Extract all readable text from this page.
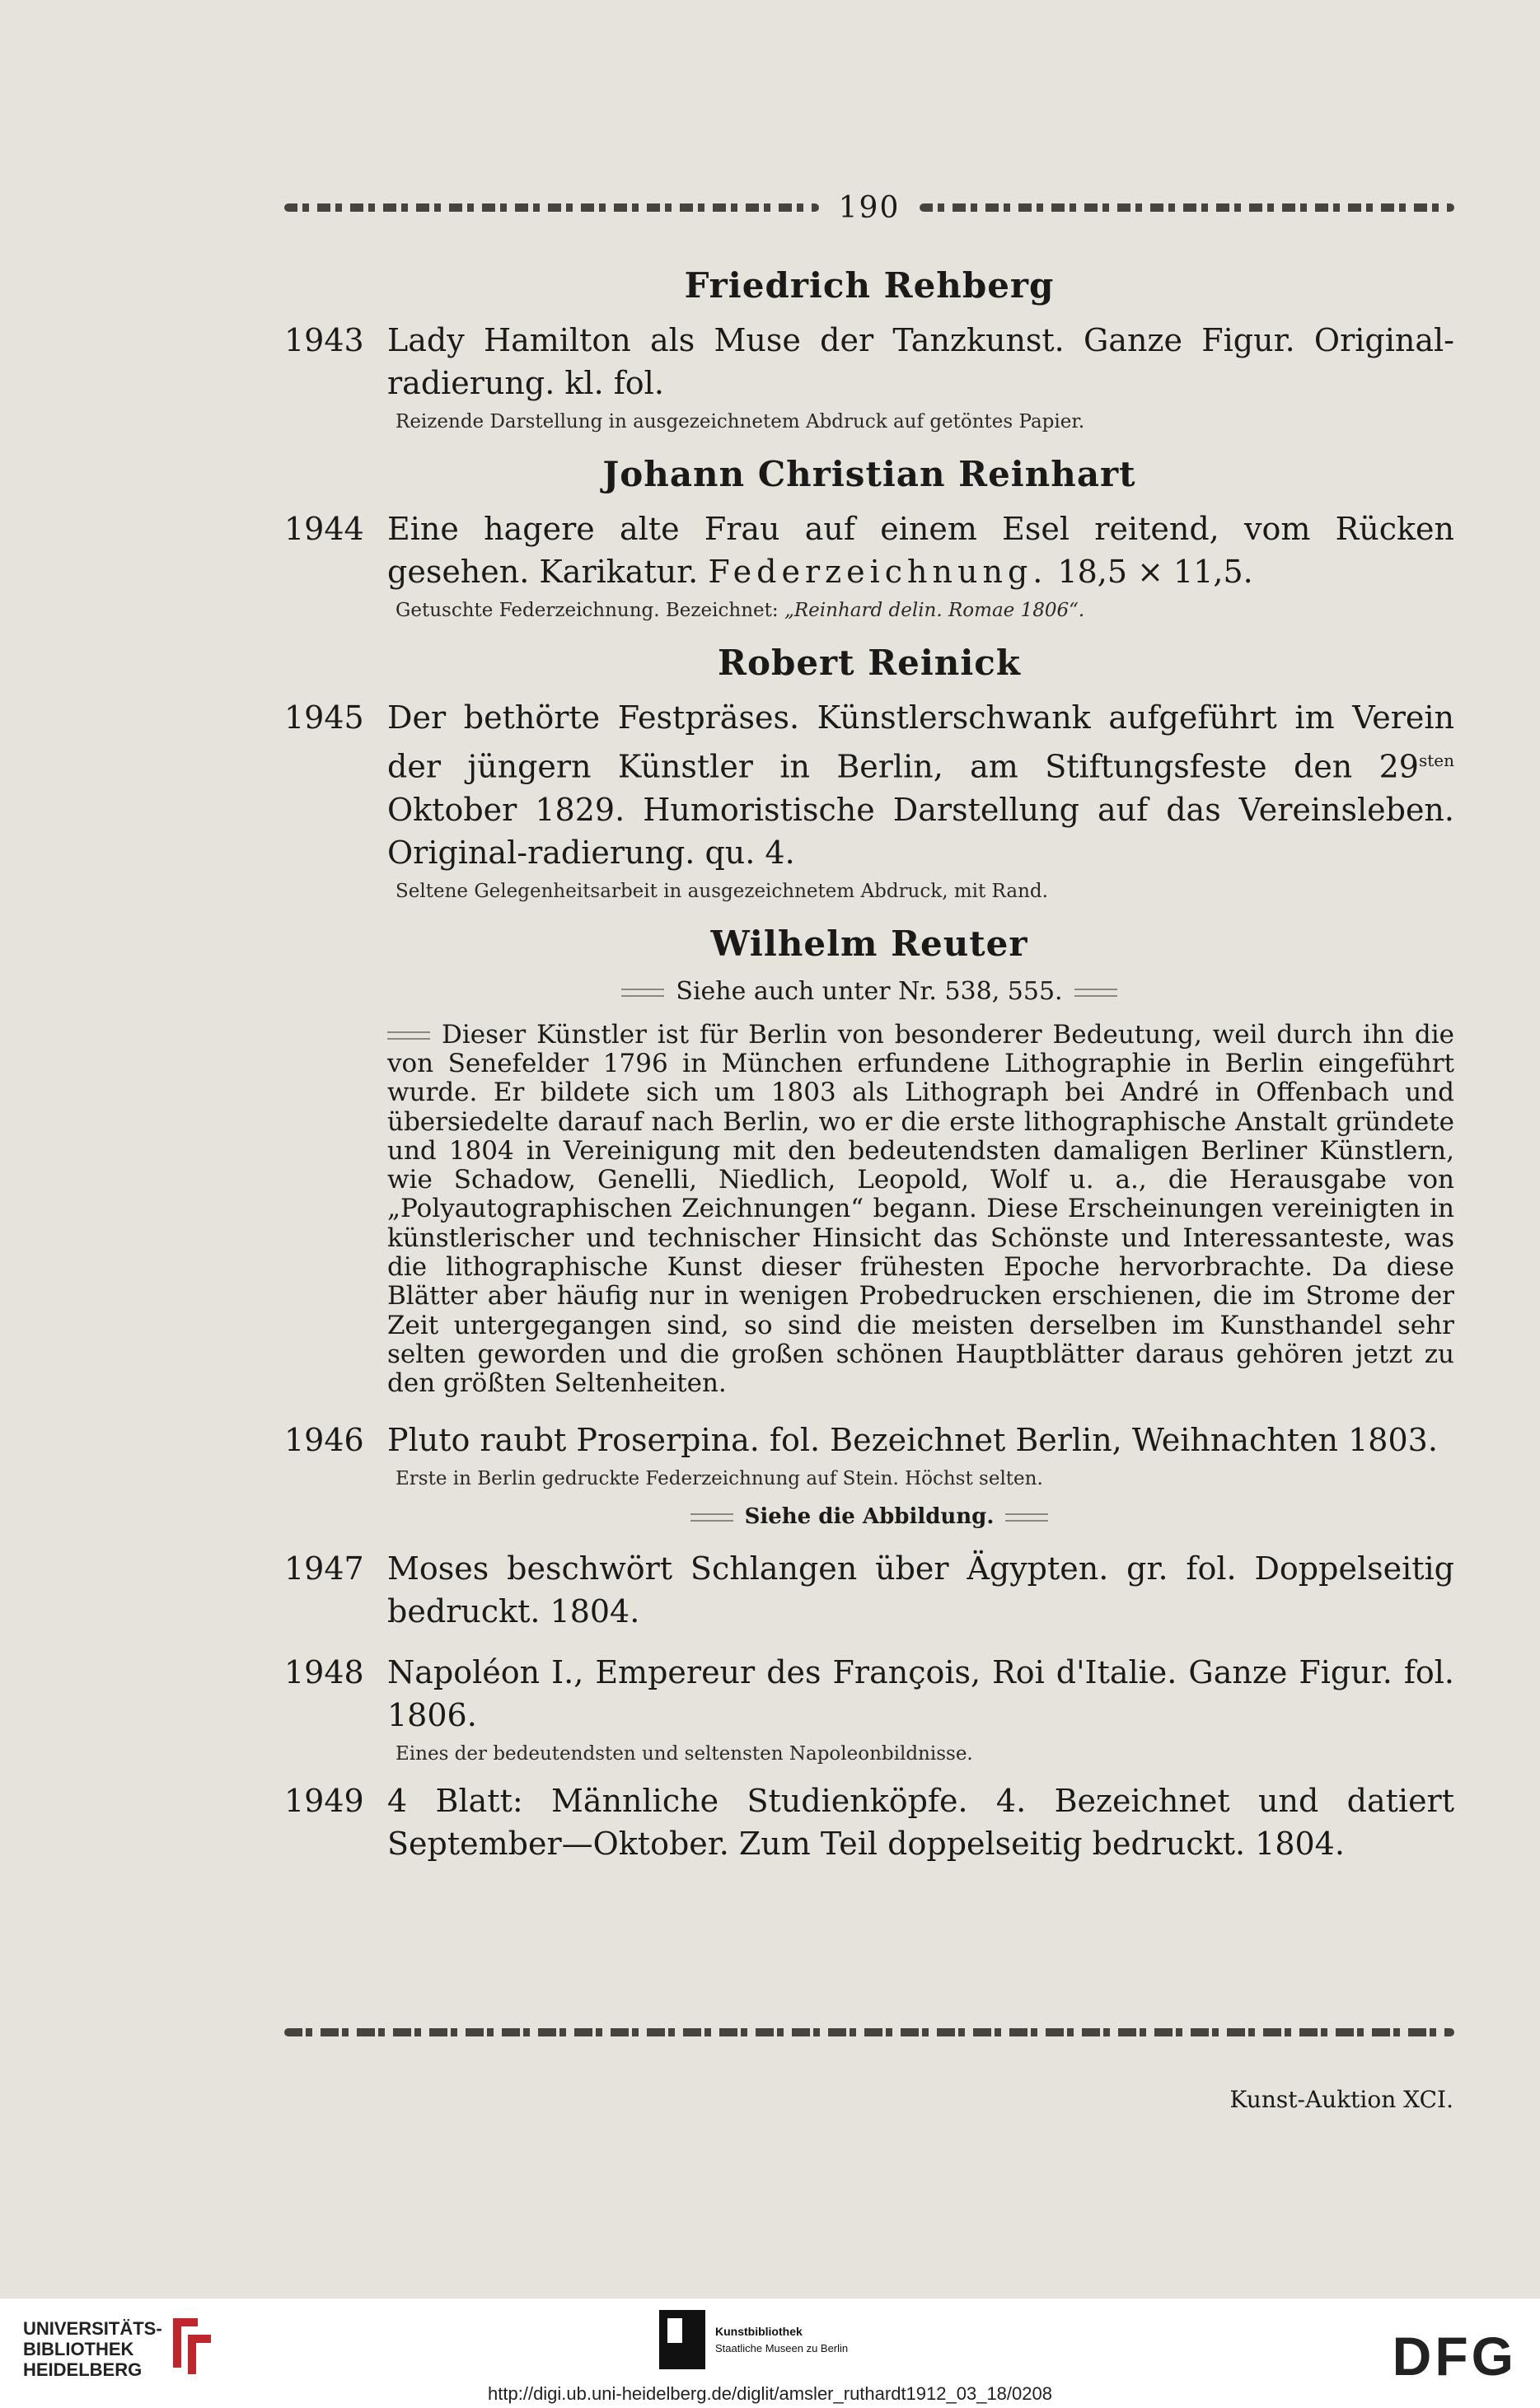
190
Friedrich Rehberg
1943 Lady Hamilton als Muse der Tanzkunst. Ganze Figur. Original-radierung. kl. fol.
Reizende Darstellung in ausgezeichnetem Abdruck auf getöntes Papier.
Johann Christian Reinhart
1944 Eine hagere alte Frau auf einem Esel reitend, vom Rücken gesehen. Karikatur. Federzeichnung. 18,5 × 11,5.
Getuschte Federzeichnung. Bezeichnet: „Reinhard delin. Romae 1806“.
Robert Reinick
1945 Der bethörte Festpräses. Künstlerschwank aufgeführt im Verein der jüngern Künstler in Berlin, am Stiftungsfeste den $29^{sten}$ Oktober 1829. Humoristische Darstellung auf das Vereinsleben. Original-radierung. qu. 4.
Seltene Gelegenheitsarbeit in ausgezeichnetem Abdruck, mit Rand.
Wilhelm Reuter
Siehe auch unter Nr. 538, 555.
Dieser Künstler ist für Berlin von besonderer Bedeutung, weil durch ihn die von Senefelder 1796 in München erfundene Lithographie in Berlin eingeführt wurde. Er bildete sich um 1803 als Lithograph bei André in Offenbach und übersiedelte darauf nach Berlin, wo er die erste lithographische Anstalt gründete und 1804 in Vereinigung mit den bedeutendsten damaligen Berliner Künstlern, wie Schadow, Genelli, Niedlich, Leopold, Wolf u. a., die Herausgabe von „Polyautographischen Zeichnungen“ begann. Diese Erscheinungen vereinigten in künstlerischer und technischer Hinsicht das Schönste und Interessanteste, was die lithographische Kunst dieser frühesten Epoche hervorbrachte. Da diese Blätter aber häufig nur in wenigen Probedrucken erschienen, die im Strome der Zeit untergegangen sind, so sind die meisten derselben im Kunsthandel sehr selten geworden und die großen schönen Hauptblätter daraus gehören jetzt zu den größten Seltenheiten.
1946 Pluto raubt Proserpina. fol. Bezeichnet Berlin, Weihnachten 1803.
Erste in Berlin gedruckte Federzeichnung auf Stein. Höchst selten.
Siehe die Abbildung.
1947 Moses beschwört Schlangen über Ägypten. gr. fol. Doppelseitig bedruckt. 1804.
1948 Napoléon I., Empereur des François, Roi d'Italie. Ganze Figur. fol. 1806.
Eines der bedeutendsten und seltensten Napoleonbildnisse.
1949 4 Blatt: Männliche Studienköpfe. 4. Bezeichnet und datiert September—Oktober. Zum Teil doppelseitig bedruckt. 1804.
Kunst-Auktion XCI.
UNIVERSITÄTS-
BIBLIOTHEK
HEIDELBERG
Kunstbibliothek
Staatliche Museen zu Berlin	DFG
http://digi.ub.uni-heidelberg.de/diglit/amsler_ruthardt1912_03_18/0208
